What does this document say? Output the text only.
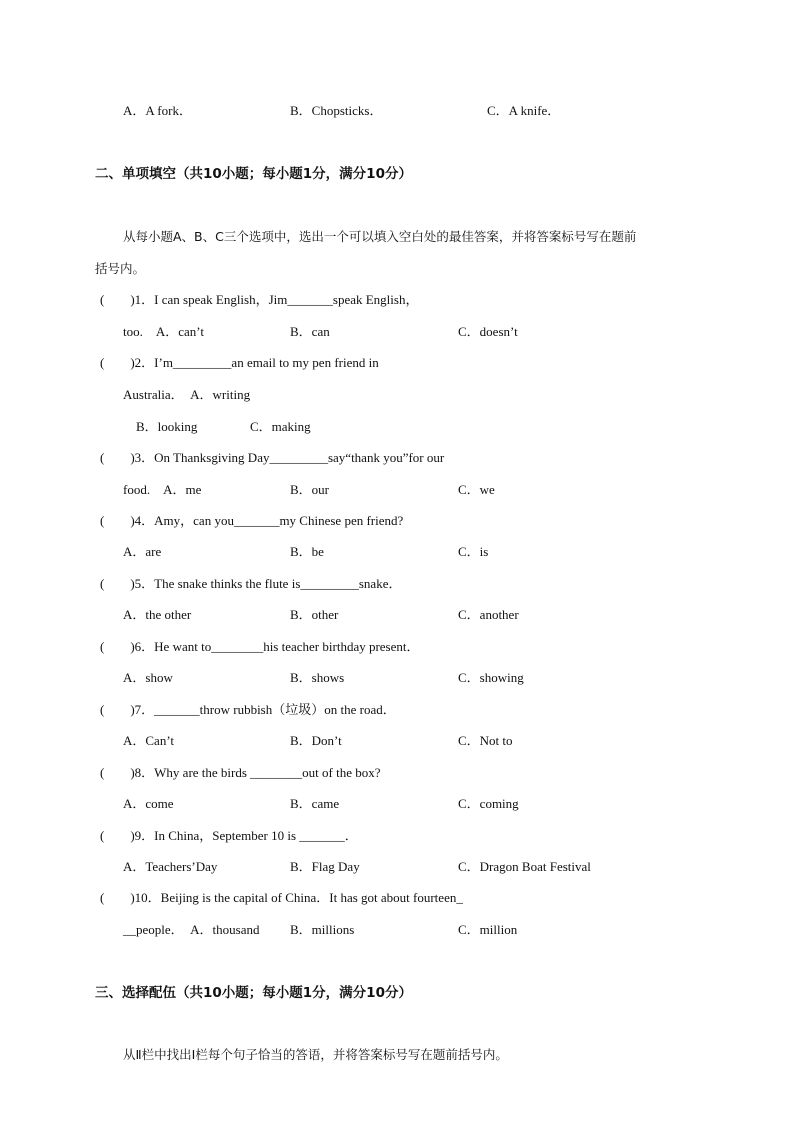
A．A fork．	B．Chopsticks．	C．A knife．
二、单项填空（共10小题；每小题1分，满分10分）
从每小题A、B、C三个选项中，选出一个可以填入空白处的最佳答案，并将答案标号写在题前
括号内。
(　　)1．I can speak English，Jim_______speak English，
too.　A．can’t	B．can	C．doesn’t
(　　)2．I’m_________an email to my pen friend in
Australia．　A．writing
B．looking	C．making
(　　)3．On Thanksgiving Day_________say“thank you”for our
food.　A．me	B．our	C．we
(　　)4．Amy，can you_______my Chinese pen friend?
A．are	B．be	C．is
(　　)5．The snake thinks the flute is_________snake．
A．the other	B．other	C．another
(　　)6．He want to________his teacher birthday present．
A．show	B．shows	C．showing
(　　)7．_______throw rubbish（垃圾）on the road．
A．Can’t	B．Don’t	C．Not to
(　　)8．Why are the birds ________out of the box?
A．come	B．came	C．coming
(　　)9．In China，September 10 is _______．
A．Teachers’Day	B．Flag Day	C．Dragon Boat Festival
(　　)10．Beijing is the capital of China．It has got about fourteen_
__people．　A．thousand B．millions	C．million
三、选择配伍（共10小题；每小题1分，满分10分）
从Ⅱ栏中找出Ⅰ栏每个句子恰当的答语，并将答案标号写在题前括号内。
